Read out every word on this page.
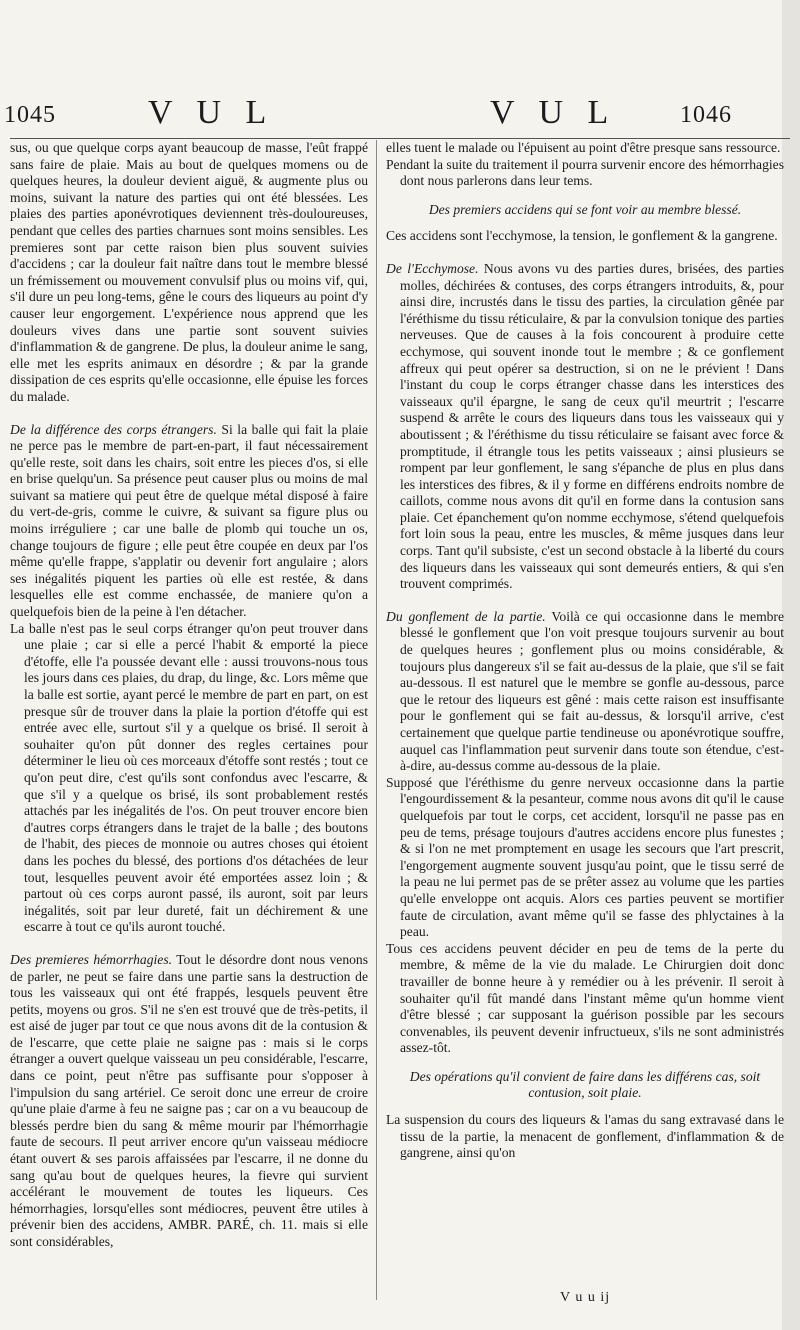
1045	V U L	V U L	1046

sus, ou que quelque corps ayant beaucoup de masse, l'eût frappé sans faire de plaie. Mais au bout de quelques momens ou de quelques heures, la douleur devient aiguë, & augmente plus ou moins, suivant la nature des parties qui ont été blessées. Les plaies des parties aponévrotiques deviennent très-douloureuses, pendant que celles des parties charnues sont moins sensibles. Les premieres sont par cette raison bien plus souvent suivies d'accidens ; car la douleur fait naître dans tout le membre blessé un frémissement ou mouvement convulsif plus ou moins vif, qui, s'il dure un peu long-tems, gêne le cours des liqueurs au point d'y causer leur engorgement. L'expérience nous apprend que les douleurs vives dans une partie sont souvent suivies d'inflammation & de gangrene. De plus, la douleur anime le sang, elle met les esprits animaux en désordre ; & par la grande dissipation de ces esprits qu'elle occasionne, elle épuise les forces du malade.

De la différence des corps étrangers. Si la balle qui fait la plaie ne perce pas le membre de part-en-part, il faut nécessairement qu'elle reste, soit dans les chairs, soit entre les pieces d'os, si elle en brise quelqu'un. Sa présence peut causer plus ou moins de mal suivant sa matiere qui peut être de quelque métal disposé à faire du vert-de-gris, comme le cuivre, & suivant sa figure plus ou moins irréguliere ; car une balle de plomb qui touche un os, change toujours de figure ; elle peut être coupée en deux par l'os même qu'elle frappe, s'applatir ou devenir fort angulaire ; alors ses inégalités piquent les parties où elle est restée, & dans lesquelles elle est comme enchassée, de maniere qu'on a quelquefois bien de la peine à l'en détacher.

La balle n'est pas le seul corps étranger qu'on peut trouver dans une plaie ; car si elle a percé l'habit & emporté la piece d'étoffe, elle l'a poussée devant elle : aussi trouvons-nous tous les jours dans ces plaies, du drap, du linge, &c. Lors même que la balle est sortie, ayant percé le membre de part en part, on est presque sûr de trouver dans la plaie la portion d'étoffe qui est entrée avec elle, surtout s'il y a quelque os brisé. Il seroit à souhaiter qu'on pût donner des regles certaines pour déterminer le lieu où ces morceaux d'étoffe sont restés ; tout ce qu'on peut dire, c'est qu'ils sont confondus avec l'escarre, & que s'il y a quelque os brisé, ils sont probablement restés attachés par les inégalités de l'os. On peut trouver encore bien d'autres corps étrangers dans le trajet de la balle ; des boutons de l'habit, des pieces de monnoie ou autres choses qui étoient dans les poches du blessé, des portions d'os détachées de leur tout, lesquelles peuvent avoir été emportées assez loin ; & partout où ces corps auront passé, ils auront, soit par leurs inégalités, soit par leur dureté, fait un déchirement & une escarre à tout ce qu'ils auront touché.

Des premieres hémorrhagies. Tout le désordre dont nous venons de parler, ne peut se faire dans une partie sans la destruction de tous les vaisseaux qui ont été frappés, lesquels peuvent être petits, moyens ou gros. S'il ne s'en est trouvé que de très-petits, il est aisé de juger par tout ce que nous avons dit de la contusion & de l'escarre, que cette plaie ne saigne pas : mais si le corps étranger a ouvert quelque vaisseau un peu considérable, l'escarre, dans ce point, peut n'être pas suffisante pour s'opposer à l'impulsion du sang artériel. Ce seroit donc une erreur de croire qu'une plaie d'arme à feu ne saigne pas ; car on a vu beaucoup de blessés perdre bien du sang & même mourir par l'hémorrhagie faute de secours. Il peut arriver encore qu'un vaisseau médiocre étant ouvert & ses parois affaissées par l'escarre, il ne donne du sang qu'au bout de quelques heures, la fievre qui survient accélérant le mouvement de toutes les liqueurs. Ces hémorrhagies, lorsqu'elles sont médiocres, peuvent être utiles à prévenir bien des accidens, AMBR. PARÉ, ch. 11. mais si elle sont considérables,

elles tuent le malade ou l'épuisent au point d'être presque sans ressource.

Pendant la suite du traitement il pourra survenir encore des hémorrhagies dont nous parlerons dans leur tems.

Des premiers accidens qui se font voir au membre blessé.

Ces accidens sont l'ecchymose, la tension, le gonflement & la gangrene.

De l'Ecchymose. Nous avons vu des parties dures, brisées, des parties molles, déchirées & contuses, des corps étrangers introduits, &, pour ainsi dire, incrustés dans le tissu des parties, la circulation gênée par l'éréthisme du tissu réticulaire, & par la convulsion tonique des parties nerveuses. Que de causes à la fois concourent à produire cette ecchymose, qui souvent inonde tout le membre ; & ce gonflement affreux qui peut opérer sa destruction, si on ne le prévient ! Dans l'instant du coup le corps étranger chasse dans les interstices des vaisseaux qu'il épargne, le sang de ceux qu'il meurtrit ; l'escarre suspend & arrête le cours des liqueurs dans tous les vaisseaux qui y aboutissent ; & l'éréthisme du tissu réticulaire se faisant avec force & promptitude, il étrangle tous les petits vaisseaux ; ainsi plusieurs se rompent par leur gonflement, le sang s'épanche de plus en plus dans les interstices des fibres, & il y forme en différens endroits nombre de caillots, comme nous avons dit qu'il en forme dans la contusion sans plaie. Cet épanchement qu'on nomme ecchymose, s'étend quelquefois fort loin sous la peau, entre les muscles, & même jusques dans leur corps. Tant qu'il subsiste, c'est un second obstacle à la liberté du cours des liqueurs dans les vaisseaux qui sont demeurés entiers, & qui s'en trouvent comprimés.

Du gonflement de la partie. Voilà ce qui occasionne dans le membre blessé le gonflement que l'on voit presque toujours survenir au bout de quelques heures ; gonflement plus ou moins considérable, & toujours plus dangereux s'il se fait au-dessus de la plaie, que s'il se fait au-dessous. Il est naturel que le membre se gonfle au-dessous, parce que le retour des liqueurs est gêné : mais cette raison est insuffisante pour le gonflement qui se fait au-dessus, & lorsqu'il arrive, c'est certainement que quelque partie tendineuse ou aponévrotique souffre, auquel cas l'inflammation peut survenir dans toute son étendue, c'est-à-dire, au-dessus comme au-dessous de la plaie.

Supposé que l'éréthisme du genre nerveux occasionne dans la partie l'engourdissement & la pesanteur, comme nous avons dit qu'il le cause quelquefois par tout le corps, cet accident, lorsqu'il ne passe pas en peu de tems, présage toujours d'autres accidens encore plus funestes ; & si l'on ne met promptement en usage les secours que l'art prescrit, l'engorgement augmente souvent jusqu'au point, que le tissu serré de la peau ne lui permet pas de se prêter assez au volume que les parties qu'elle enveloppe ont acquis. Alors ces parties peuvent se mortifier faute de circulation, avant même qu'il se fasse des phlyctaines à la peau.

Tous ces accidens peuvent décider en peu de tems de la perte du membre, & même de la vie du malade. Le Chirurgien doit donc travailler de bonne heure à y remédier ou à les prévenir. Il seroit à souhaiter qu'il fût mandé dans l'instant même qu'un homme vient d'être blessé ; car supposant la guérison possible par les secours convenables, ils peuvent devenir infructueux, s'ils ne sont administrés assez-tôt.

Des opérations qu'il convient de faire dans les différens cas, soit contusion, soit plaie.

La suspension du cours des liqueurs & l'amas du sang extravasé dans le tissu de la partie, la menacent de gonflement, d'inflammation & de gangrene, ainsi qu'on

V u u ij
